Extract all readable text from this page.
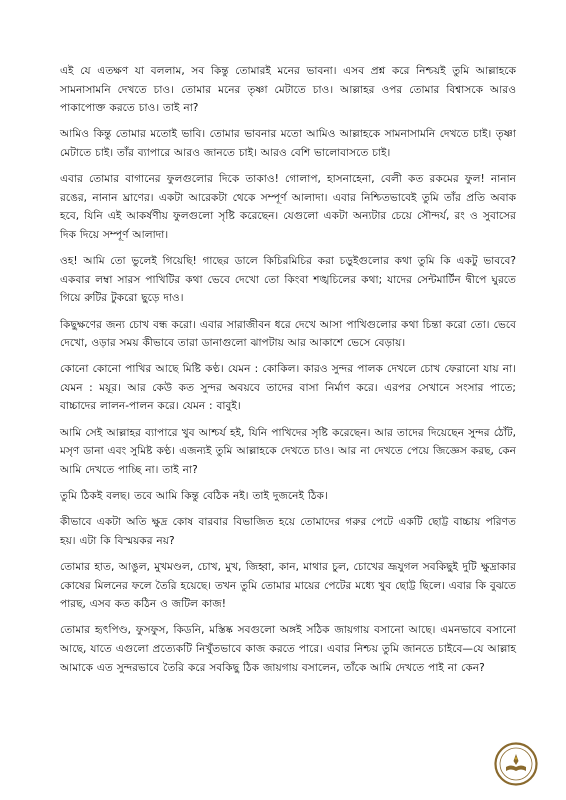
এই যে এতক্ষণ যা বললাম, সব কিন্তু তোমারই মনের ভাবনা। এসব প্রশ্ন করে নিশ্চয়ই তুমি আল্লাহকে সামনাসামনি দেখতে চাও। তোমার মনের তৃষ্ণা মেটাতে চাও। আল্লাহর ওপর তোমার বিশ্বাসকে আরও পাকাপোক্ত করতে চাও। তাই না?

আমিও কিন্তু তোমার মতোই ভাবি। তোমার ভাবনার মতো আমিও আল্লাহকে সামনাসামনি দেখতে চাই। তৃষ্ণা মেটাতে চাই। তাঁর ব্যাপারে আরও জানতে চাই। আরও বেশি ভালোবাসতে চাই।

এবার তোমার বাগানের ফুলগুলোর দিকে তাকাও! গোলাপ, হাসনাহেনা, বেলী কত রকমের ফুল! নানান রঙের, নানান ঘ্রাণের। একটা আরেকটা থেকে সম্পূর্ণ আলাদা। এবার নিশ্চিতভাবেই তুমি তাঁর প্রতি অবাক হবে, যিনি এই আকর্ষণীয় ফুলগুলো সৃষ্টি করেছেন। যেগুলো একটা অন্যটার চেয়ে সৌন্দর্য, রং ও সুবাসের দিক দিয়ে সম্পূর্ণ আলাদা।

ওহ! আমি তো ভুলেই গিয়েছি! গাছের ডালে কিচিরমিচির করা চড়ুইগুলোর কথা তুমি কি একটু ভাববে? একবার লম্বা সারস পাখিটির কথা ভেবে দেখো তো কিংবা শঙ্খচিলের কথা; যাদের সেন্টমার্টিন দ্বীপে ঘুরতে গিয়ে রুটির টুকরো ছুড়ে দাও।

কিছুক্ষণের জন্য চোখ বন্ধ করো। এবার সারাজীবন ধরে দেখে আসা পাখিগুলোর কথা চিন্তা করো তো। ভেবে দেখো, ওড়ার সময় কীভাবে তারা ডানাগুলো ঝাপটায় আর আকাশে ভেসে বেড়ায়।

কোনো কোনো পাখির আছে মিষ্টি কণ্ঠ। যেমন : কোকিল। কারও সুন্দর পালক দেখলে চোখ ফেরানো যায় না। যেমন : ময়ূর। আর কেউ কত সুন্দর অবয়বে তাদের বাসা নির্মাণ করে। এরপর সেখানে সংসার পাতে; বাচ্চাদের লালন-পালন করে। যেমন : বাবুই।

আমি সেই আল্লাহর ব্যাপারে খুব আশ্চর্য হই, যিনি পাখিদের সৃষ্টি করেছেন। আর তাদের দিয়েছেন সুন্দর ঠোঁট, মসৃণ ডানা এবং সুমিষ্ট কণ্ঠ। এজন্যই তুমি আল্লাহকে দেখতে চাও। আর না দেখতে পেয়ে জিজ্ঞেস করছ, কেন আমি দেখতে পাচ্ছি না। তাই না?

তুমি ঠিকই বলছ। তবে আমি কিন্তু বেঠিক নই। তাই দুজনেই ঠিক।

কীভাবে একটা অতি ক্ষুদ্র কোষ বারবার বিভাজিত হয়ে তোমাদের গরুর পেটে একটি ছোট্ট বাচ্চায় পরিণত হয়। এটা কি বিস্ময়কর নয়?

তোমার হাত, আঙুল, মুখমণ্ডল, চোখ, মুখ, জিহ্বা, কান, মাথার চুল, চোখের ভ্রূযুগল সবকিছুই দুটি ক্ষুদ্রাকার কোষের মিলনের ফলে তৈরি হয়েছে। তখন তুমি তোমার মায়ের পেটের মধ্যে খুব ছোট্ট ছিলে। এবার কি বুঝতে পারছ, এসব কত কঠিন ও জটিল কাজ!

তোমার হৃৎপিণ্ড, ফুসফুস, কিডনি, মস্তিষ্ক সবগুলো অঙ্গই সঠিক জায়গায় বসানো আছে। এমনভাবে বসানো আছে, যাতে এগুলো প্রত্যেকটি নিখুঁতভাবে কাজ করতে পারে। এবার নিশ্চয় তুমি জানতে চাইবে—যে আল্লাহ আমাকে এত সুন্দরভাবে তৈরি করে সবকিছু ঠিক জায়গায় বসালেন, তাঁকে আমি দেখতে পাই না কেন?
